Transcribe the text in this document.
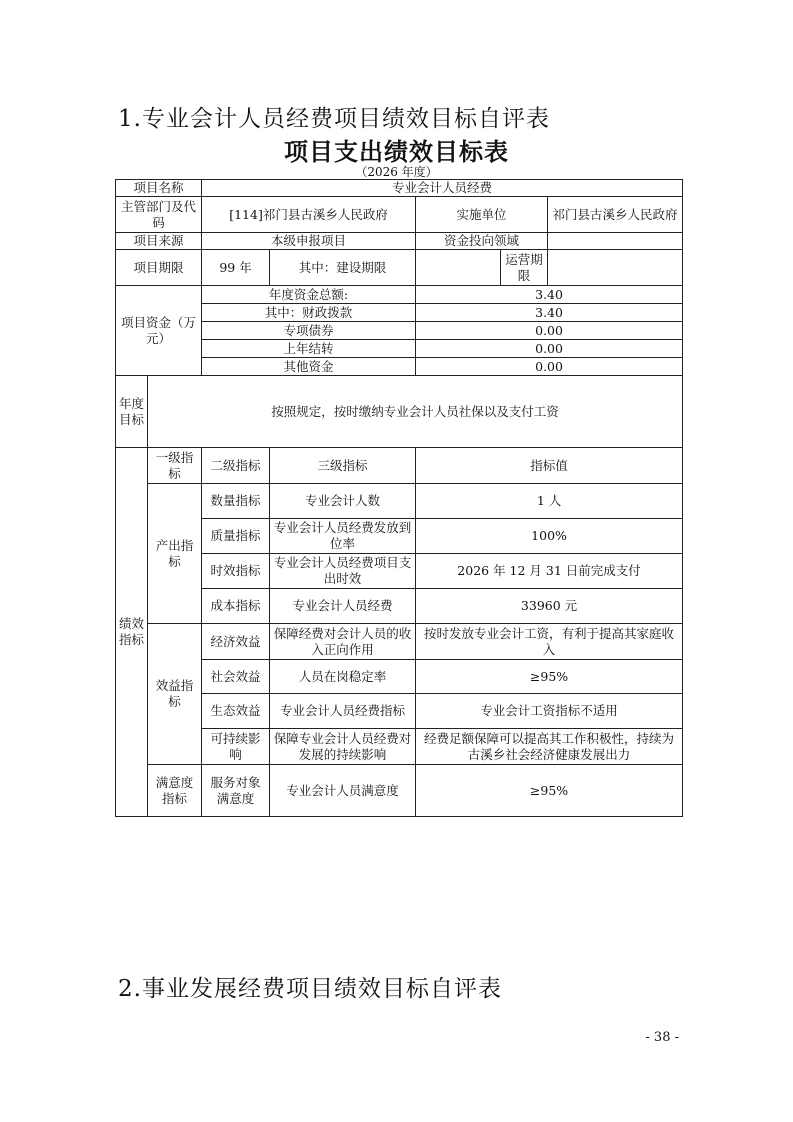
1.专业会计人员经费项目绩效目标自评表
项目支出绩效目标表
（2026 年度）
项目名称		专业会计人员经费				
主管部门及代码		[114]祁门县古溪乡人民政府		实施单位		祁门县古溪乡人民政府
项目来源		本级申报项目		资金投向领域		
项目期限		99 年	其中：建设期限		运营期限	
项目资金（万元）		年度资金总额:		3.40		
		其中：财政拨款		3.40		
		专项债券		0.00		
		上年结转		0.00		
		其他资金		0.00		
年度目标	按照规定，按时缴纳专业会计人员社保以及支付工资					
绩效指标	一级指标	二级指标	三级指标	指标值		
	产出指标	数量指标	专业会计人数	1 人		
		质量指标	专业会计人员经费发放到位率	100%		
		时效指标	专业会计人员经费项目支出时效	2026 年 12 月 31 日前完成支付		
		成本指标	专业会计人员经费	33960 元		
	效益指标	经济效益	保障经费对会计人员的收入正向作用	按时发放专业会计工资，有利于提高其家庭收入		
		社会效益	人员在岗稳定率	≥95%		
		生态效益	专业会计人员经费指标	专业会计工资指标不适用		
		可持续影响	保障专业会计人员经费对发展的持续影响	经费足额保障可以提高其工作积极性，持续为古溪乡社会经济健康发展出力		
	满意度指标	服务对象满意度	专业会计人员满意度	≥95%		
2.事业发展经费项目绩效目标自评表
- 38 -
